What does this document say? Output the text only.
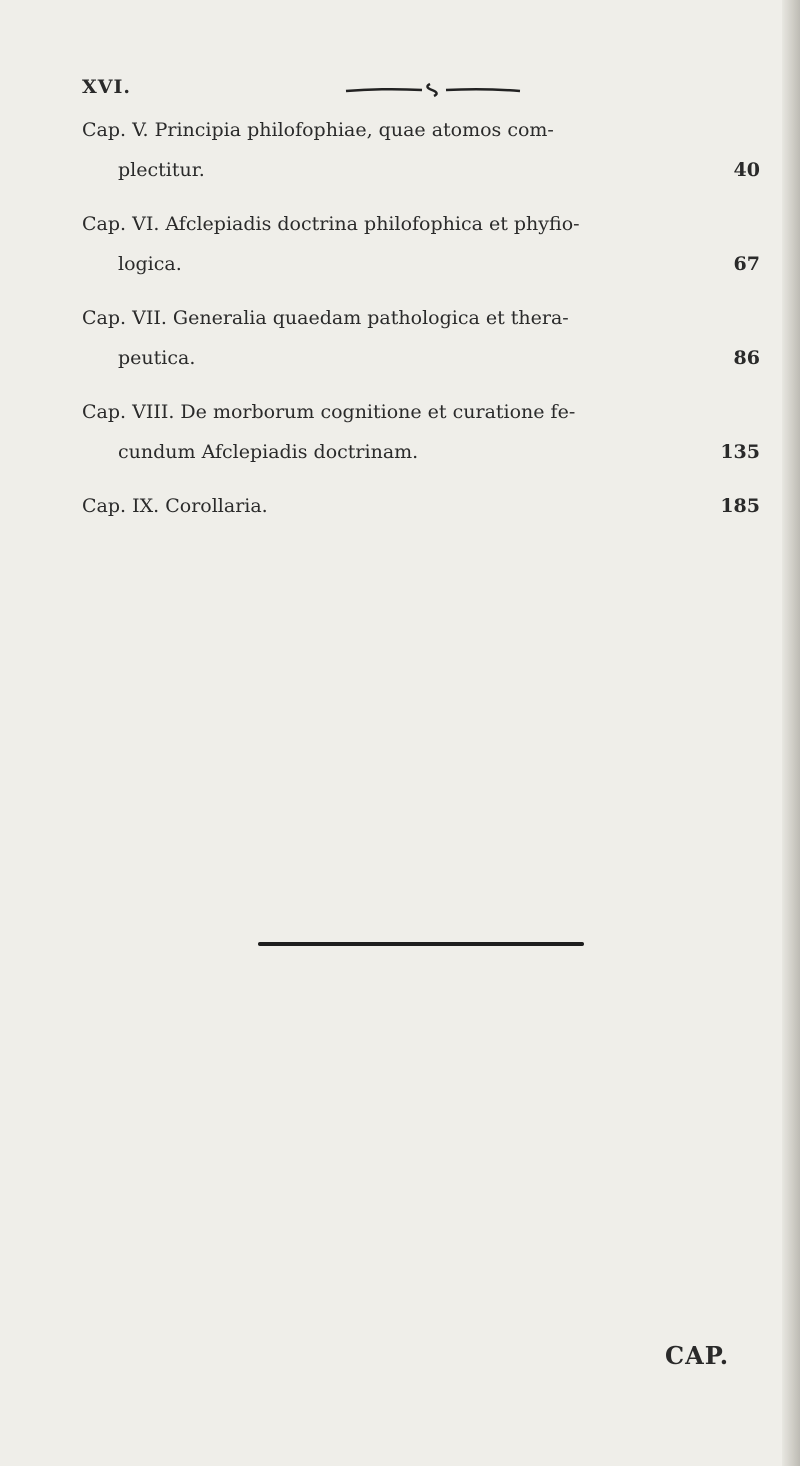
XVI.
Cap. V. Principia philofophiae, quae atomos com-
plectitur.	40
Cap. VI. Afclepiadis doctrina philofophica et phyfio-
logica.	67
Cap. VII. Generalia quaedam pathologica et thera-
peutica.	86
Cap. VIII. De morborum cognitione et curatione fe-
cundum Afclepiadis doctrinam.	135
Cap. IX. Corollaria.	185
CAP.
